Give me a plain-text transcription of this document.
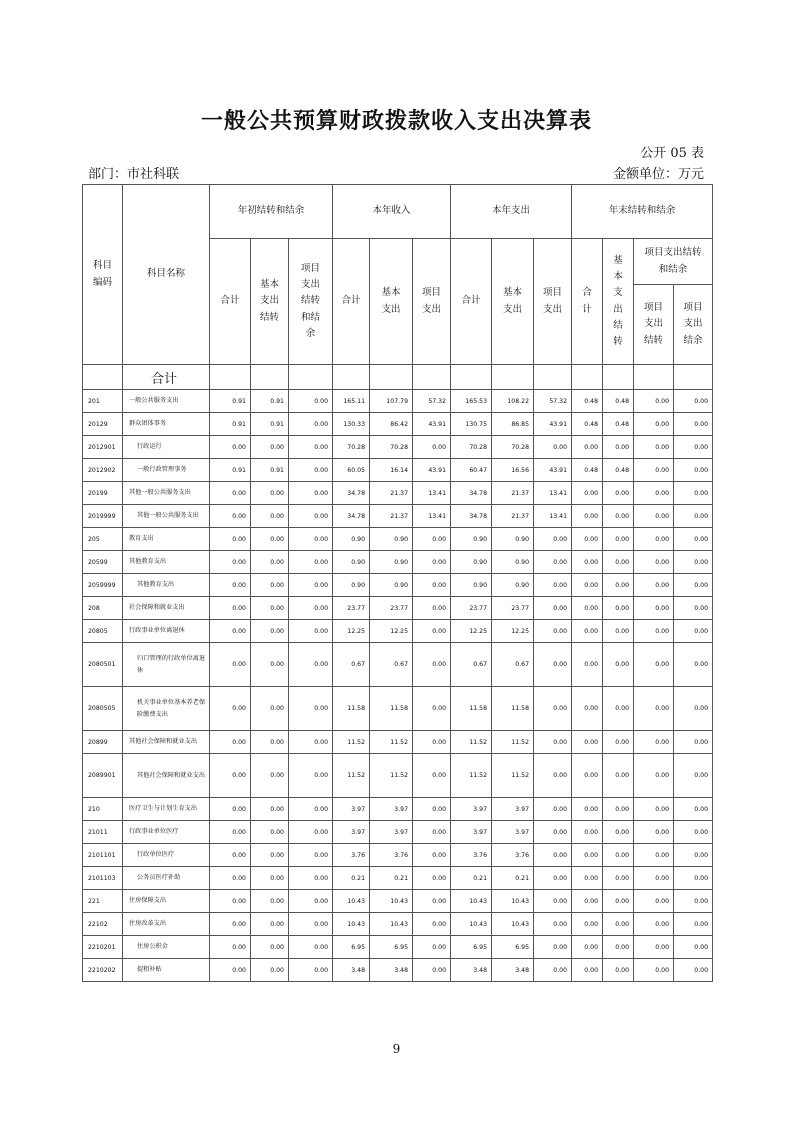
一般公共预算财政拨款收入支出决算表
公开 05 表
部门：市社科联	金额单位：万元
科目编码	科目名称	年初结转和结余			本年收入			本年支出			年末结转和结余			
		合计	基本支出结转	项目支出结转和结余	合计	基本支出	项目支出	合计	基本支出	项目支出	合计	基本支出结转	项目支出结转和结余	
													项目支出结转	项目支出结余
	合计													
201	一般公共服务支出	0.91	0.91	0.00	165.11	107.79	57.32	165.53	108.22	57.32	0.48	0.48	0.00	0.00
20129	群众团体事务	0.91	0.91	0.00	130.33	86.42	43.91	130.75	86.85	43.91	0.48	0.48	0.00	0.00
2012901	行政运行	0.00	0.00	0.00	70.28	70.28	0.00	70.28	70.28	0.00	0.00	0.00	0.00	0.00
2012902	一般行政管理事务	0.91	0.91	0.00	60.05	16.14	43.91	60.47	16.56	43.91	0.48	0.48	0.00	0.00
20199	其他一般公共服务支出	0.00	0.00	0.00	34.78	21.37	13.41	34.78	21.37	13.41	0.00	0.00	0.00	0.00
2019999	其他一般公共服务支出	0.00	0.00	0.00	34.78	21.37	13.41	34.78	21.37	13.41	0.00	0.00	0.00	0.00
205	教育支出	0.00	0.00	0.00	0.90	0.90	0.00	0.90	0.90	0.00	0.00	0.00	0.00	0.00
20599	其他教育支出	0.00	0.00	0.00	0.90	0.90	0.00	0.90	0.90	0.00	0.00	0.00	0.00	0.00
2059999	其他教育支出	0.00	0.00	0.00	0.90	0.90	0.00	0.90	0.90	0.00	0.00	0.00	0.00	0.00
208	社会保障和就业支出	0.00	0.00	0.00	23.77	23.77	0.00	23.77	23.77	0.00	0.00	0.00	0.00	0.00
20805	行政事业单位离退休	0.00	0.00	0.00	12.25	12.25	0.00	12.25	12.25	0.00	0.00	0.00	0.00	0.00
2080501	归口管理的行政单位离退休	0.00	0.00	0.00	0.67	0.67	0.00	0.67	0.67	0.00	0.00	0.00	0.00	0.00
2080505	机关事业单位基本养老保险缴费支出	0.00	0.00	0.00	11.58	11.58	0.00	11.58	11.58	0.00	0.00	0.00	0.00	0.00
20899	其他社会保障和就业支出	0.00	0.00	0.00	11.52	11.52	0.00	11.52	11.52	0.00	0.00	0.00	0.00	0.00
2089901	其他社会保障和就业支出	0.00	0.00	0.00	11.52	11.52	0.00	11.52	11.52	0.00	0.00	0.00	0.00	0.00
210	医疗卫生与计划生育支出	0.00	0.00	0.00	3.97	3.97	0.00	3.97	3.97	0.00	0.00	0.00	0.00	0.00
21011	行政事业单位医疗	0.00	0.00	0.00	3.97	3.97	0.00	3.97	3.97	0.00	0.00	0.00	0.00	0.00
2101101	行政单位医疗	0.00	0.00	0.00	3.76	3.76	0.00	3.76	3.76	0.00	0.00	0.00	0.00	0.00
2101103	公务员医疗补助	0.00	0.00	0.00	0.21	0.21	0.00	0.21	0.21	0.00	0.00	0.00	0.00	0.00
221	住房保障支出	0.00	0.00	0.00	10.43	10.43	0.00	10.43	10.43	0.00	0.00	0.00	0.00	0.00
22102	住房改革支出	0.00	0.00	0.00	10.43	10.43	0.00	10.43	10.43	0.00	0.00	0.00	0.00	0.00
2210201	住房公积金	0.00	0.00	0.00	6.95	6.95	0.00	6.95	6.95	0.00	0.00	0.00	0.00	0.00
2210202	提租补贴	0.00	0.00	0.00	3.48	3.48	0.00	3.48	3.48	0.00	0.00	0.00	0.00	0.00
9
